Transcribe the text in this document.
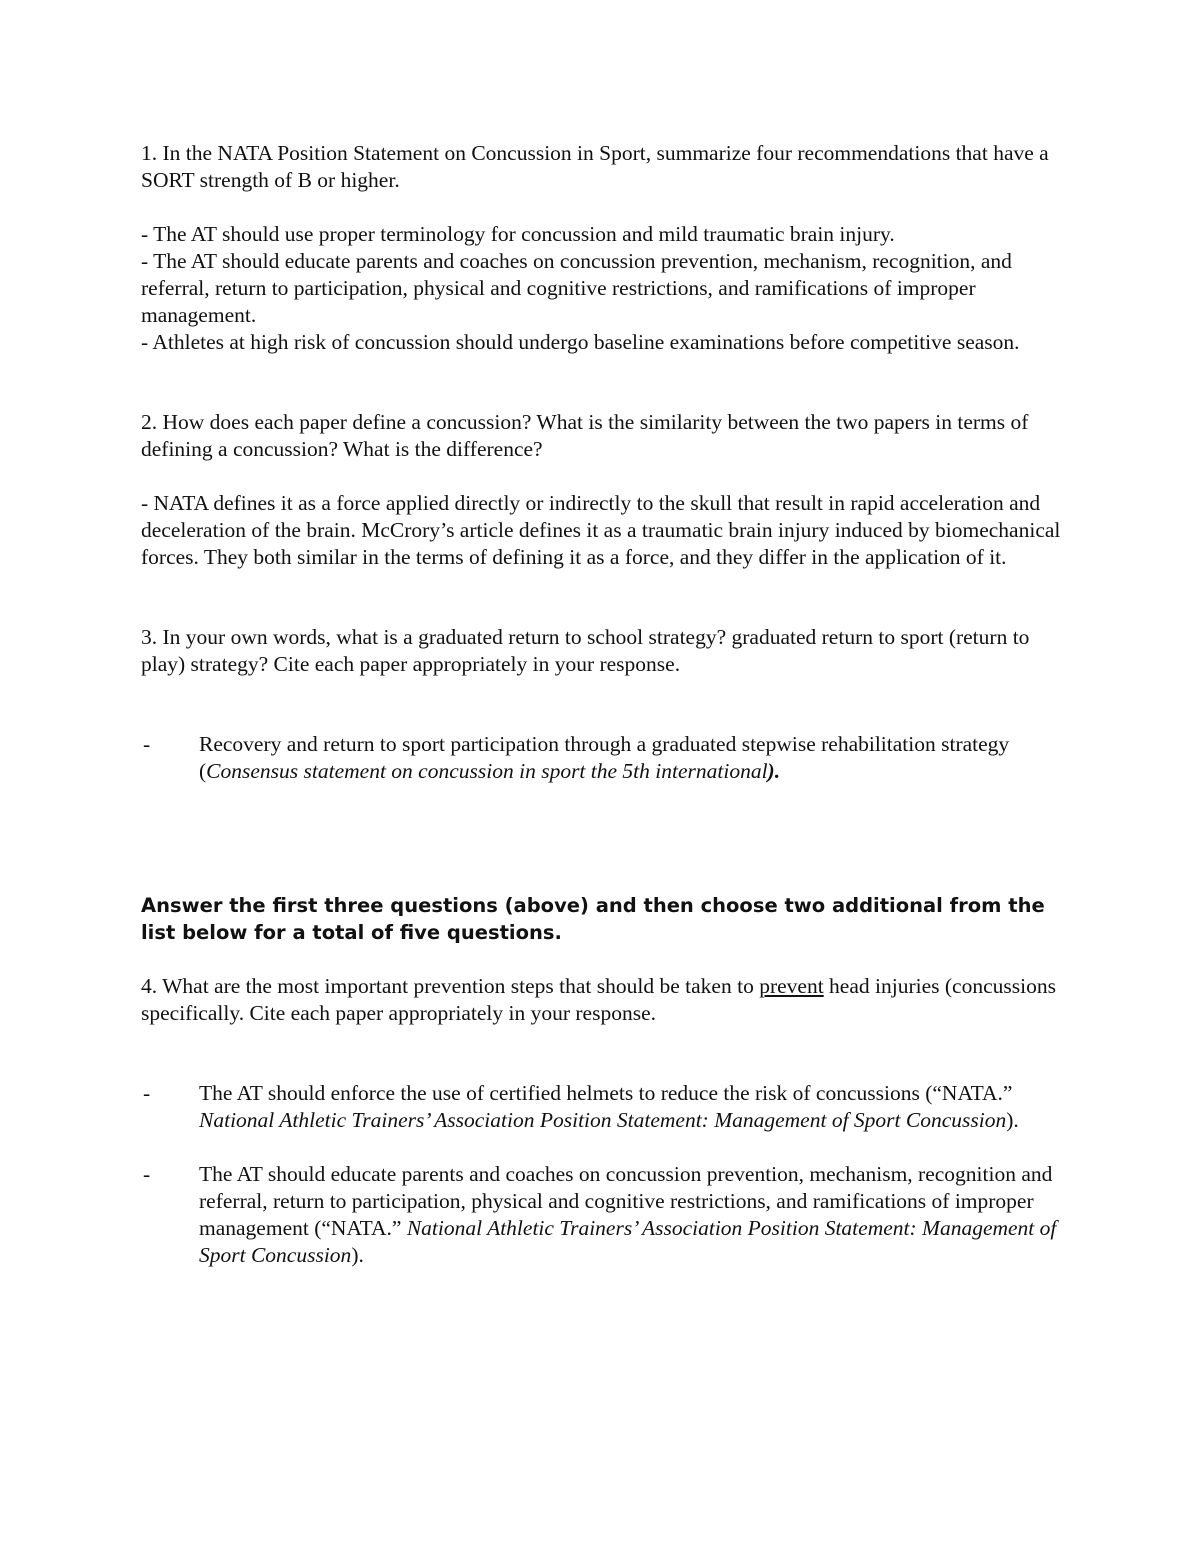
1. In the NATA Position Statement on Concussion in Sport, summarize four recommendations that have a SORT strength of B or higher.

- The AT should use proper terminology for concussion and mild traumatic brain injury.

- The AT should educate parents and coaches on concussion prevention, mechanism, recognition, and referral, return to participation, physical and cognitive restrictions, and ramifications of improper management.

- Athletes at high risk of concussion should undergo baseline examinations before competitive season.

2. How does each paper define a concussion? What is the similarity between the two papers in terms of defining a concussion? What is the difference?

- NATA defines it as a force applied directly or indirectly to the skull that result in rapid acceleration and deceleration of the brain. McCrory’s article defines it as a traumatic brain injury induced by biomechanical forces. They both similar in the terms of defining it as a force, and they differ in the application of it.

3. In your own words, what is a graduated return to school strategy? graduated return to sport (return to play) strategy? Cite each paper appropriately in your response.

-	Recovery and return to sport participation through a graduated stepwise rehabilitation strategy (Consensus statement on concussion in sport the 5th international).

Answer the first three questions (above) and then choose two additional from the list below for a total of five questions.

4. What are the most important prevention steps that should be taken to prevent head injuries (concussions specifically. Cite each paper appropriately in your response.

-	The AT should enforce the use of certified helmets to reduce the risk of concussions (“NATA.” National Athletic Trainers’ Association Position Statement: Management of Sport Concussion).
-	The AT should educate parents and coaches on concussion prevention, mechanism, recognition and referral, return to participation, physical and cognitive restrictions, and ramifications of improper management (“NATA.” National Athletic Trainers’ Association Position Statement: Management of Sport Concussion).
